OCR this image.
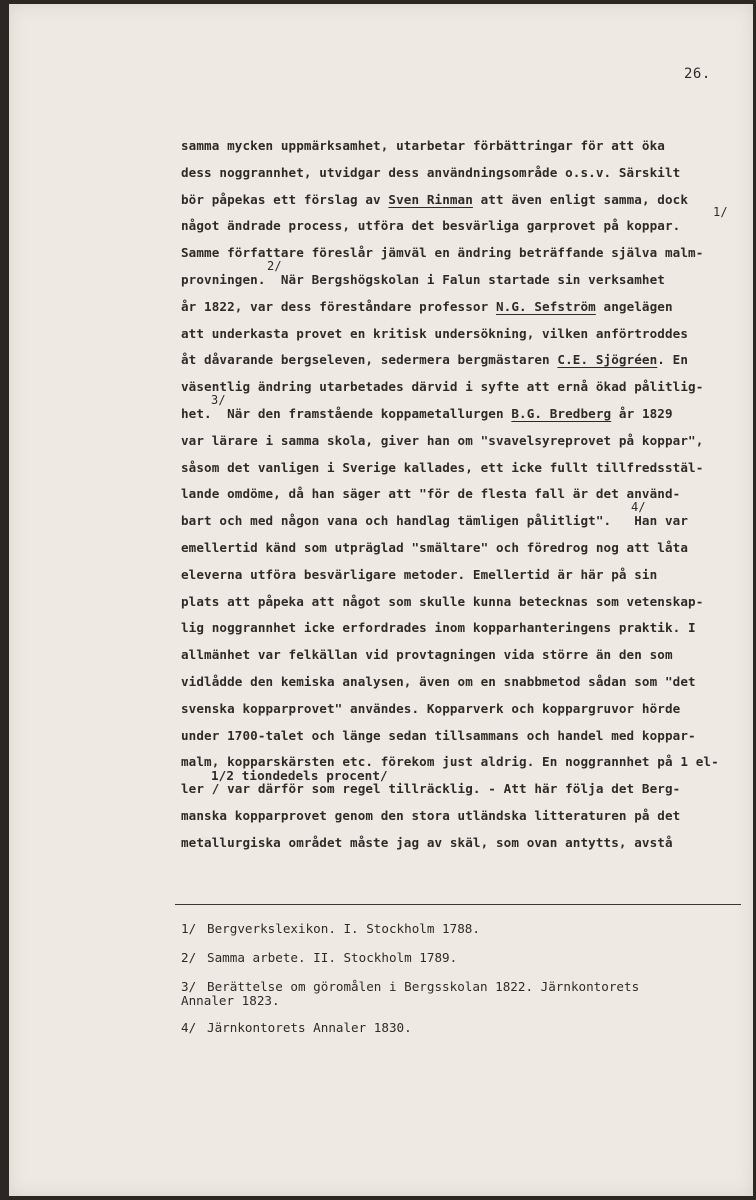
26.
samma mycken uppmärksamhet, utarbetar förbättringar för att öka
dess noggrannhet, utvidgar dess användningsområde o.s.v. Särskilt
bör påpekas ett förslag av Sven Rinman att även enligt samma, dock
något ändrade process, utföra det besvärliga garprovet på koppar.
1/
Samme författare föreslår jämväl en ändring beträffande själva malm-
provningen.  När Bergshögskolan i Falun startade sin verksamhet
2/
år 1822, var dess föreståndare professor N.G. Sefström angelägen
att underkasta provet en kritisk undersökning, vilken anförtroddes
åt dåvarande bergseleven, sedermera bergmästaren C.E. Sjögréen. En
väsentlig ändring utarbetades därvid i syfte att ernå ökad pålitlig-
het.  När den framstående koppametallurgen B.G. Bredberg år 1829
3/
var lärare i samma skola, giver han om "svavelsyreprovet på koppar",
såsom det vanligen i Sverige kallades, ett icke fullt tillfredsstäl-
lande omdöme, då han säger att "för de flesta fall är det använd-
bart och med någon vana och handlag tämligen pålitligt".   Han var
4/
emellertid känd som utpräglad "smältare" och föredrog nog att låta
eleverna utföra besvärligare metoder. Emellertid är här på sin
plats att påpeka att något som skulle kunna betecknas som vetenskap-
lig noggrannhet icke erfordrades inom kopparhanteringens praktik. I
allmänhet var felkällan vid provtagningen vida större än den som
vidlådde den kemiska analysen, även om en snabbmetod sådan som "det
svenska kopparprovet" användes. Kopparverk och koppargruvor hörde
under 1700-talet och länge sedan tillsammans och handel med koppar-
malm, kopparskärsten etc. förekom just aldrig. En noggrannhet på 1 el-
1/2 tiondedels procent/
ler / var därför som regel tillräcklig. - Att här följa det Berg-
manska kopparprovet genom den stora utländska litteraturen på det
metallurgiska området måste jag av skäl, som ovan antytts, avstå
1/ Bergverkslexikon. I. Stockholm 1788.
2/ Samma arbete. II. Stockholm 1789.
3/ Berättelse om göromålen i Bergsskolan 1822. Järnkontorets
Annaler 1823.
4/ Järnkontorets Annaler 1830.
